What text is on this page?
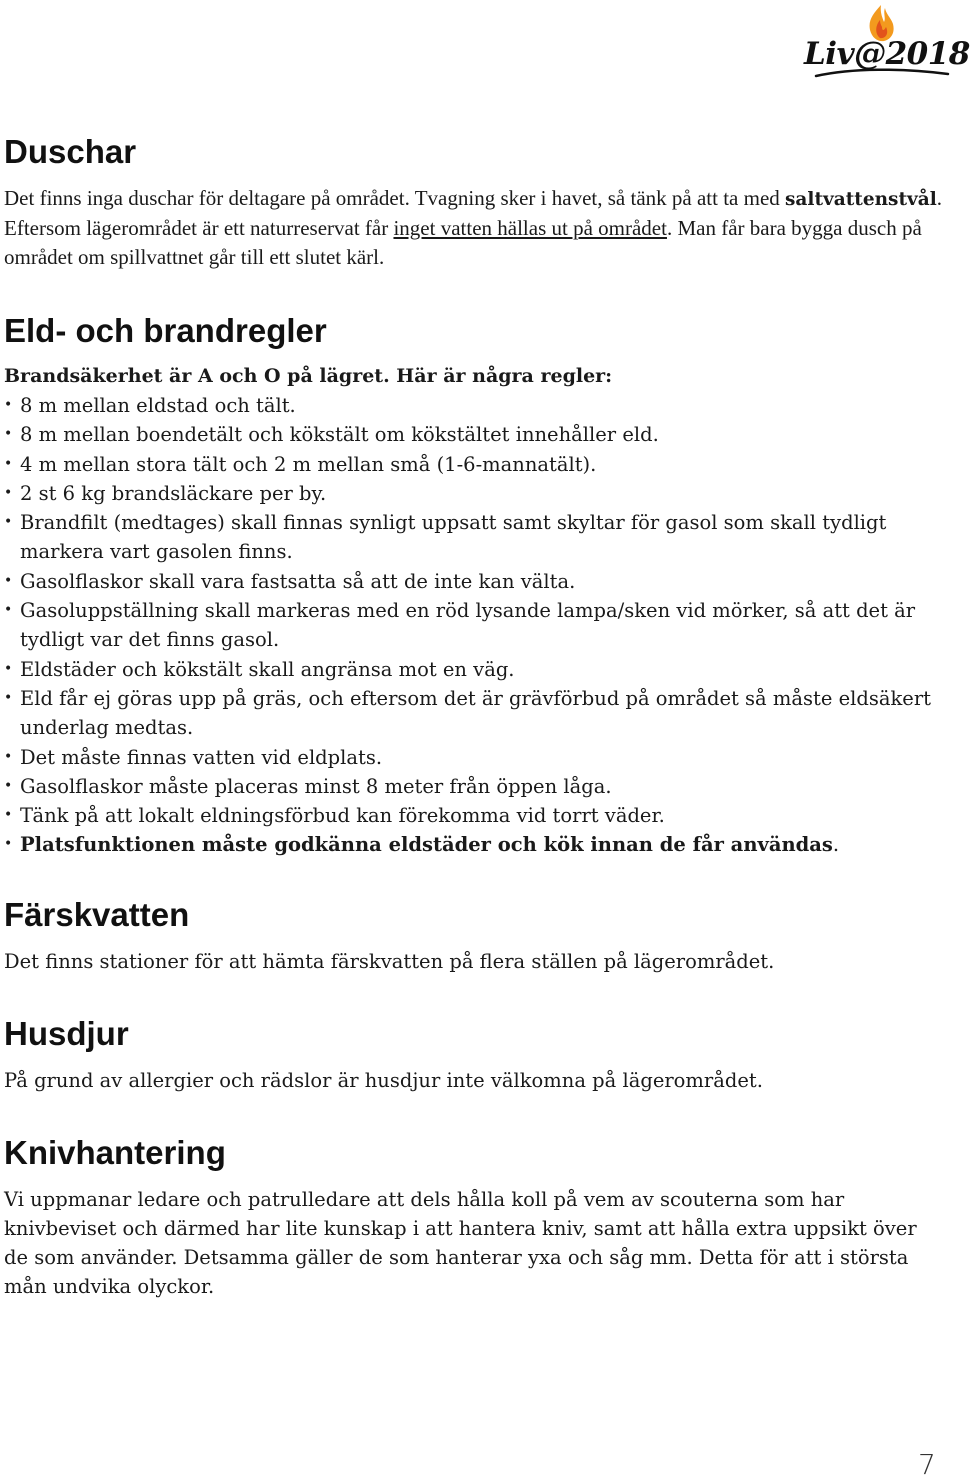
Liv@2018
Duschar

Det finns inga duschar för deltagare på området. Tvagning sker i havet, så tänk på att ta med saltvattenstvål. Eftersom lägerområdet är ett naturreservat får inget vatten hällas ut på området. Man får bara bygga dusch på området om spillvattnet går till ett slutet kärl.

Eld- och brandregler

Brandsäkerhet är A och O på lägret. Här är några regler:

• 8 m mellan eldstad och tält.
• 8 m mellan boendetält och kökstält om kökstältet innehåller eld.
• 4 m mellan stora tält och 2 m mellan små (1-6-mannatält).
• 2 st 6 kg brandsläckare per by.
• Brandfilt (medtages) skall finnas synligt uppsatt samt skyltar för gasol som skall tydligt markera vart gasolen finns.
• Gasolflaskor skall vara fastsatta så att de inte kan välta.
• Gasoluppställning skall markeras med en röd lysande lampa/sken vid mörker, så att det är tydligt var det finns gasol.
• Eldstäder och kökstält skall angränsa mot en väg.
• Eld får ej göras upp på gräs, och eftersom det är grävförbud på området så måste eldsäkert underlag medtas.
• Det måste finnas vatten vid eldplats.
• Gasolflaskor måste placeras minst 8 meter från öppen låga.
• Tänk på att lokalt eldningsförbud kan förekomma vid torrt väder.
• Platsfunktionen måste godkänna eldstäder och kök innan de får användas.
Färskvatten

Det finns stationer för att hämta färskvatten på flera ställen på lägerområdet.

Husdjur

På grund av allergier och rädslor är husdjur inte välkomna på lägerområdet.

Knivhantering

Vi uppmanar ledare och patrulledare att dels hålla koll på vem av scouterna som har knivbeviset och därmed har lite kunskap i att hantera kniv, samt att hålla extra uppsikt över de som använder. Detsamma gäller de som hanterar yxa och såg mm. Detta för att i största mån undvika olyckor.

7
